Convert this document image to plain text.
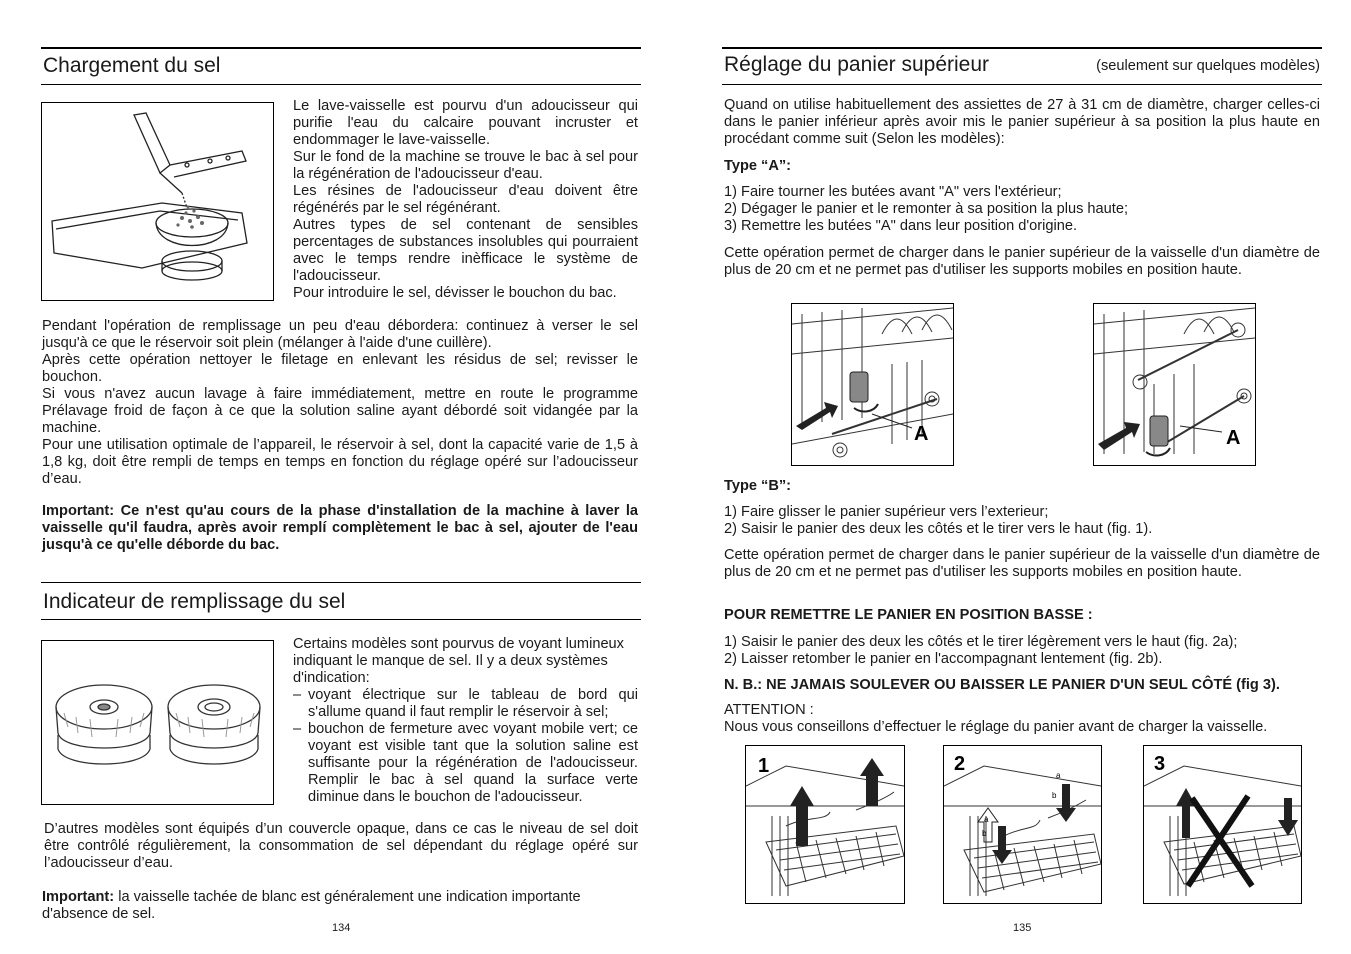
Chargement du sel

Le lave-vaisselle est pourvu d'un adoucisseur qui purifie l'eau du calcaire pouvant incruster et endommager le lave-vaisselle.

Sur le fond de la machine se trouve le bac à sel pour la régénération de l'adoucisseur d'eau.

Les résines de l'adoucisseur d'eau doivent être régénérés par le sel régénérant.

Autres types de sel contenant de sensibles percentages de substances insolubles qui pourraient avec le temps rendre inèfficace le système de l'adoucisseur.

Pour introduire le sel, dévisser le bouchon du bac.

Pendant l'opération de remplissage un peu d'eau débordera: continuez à verser le sel jusqu'à ce que le réservoir soit plein (mélanger à l'aide d'une cuillère).

Après cette opération nettoyer le filetage en enlevant les résidus de sel; revisser le bouchon.

Si vous n'avez aucun lavage à faire immédiatement, mettre en route le programme Prélavage froid de façon à ce que la solution saline ayant débordé soit vidangée par la machine.

Pour une utilisation optimale de l’appareil, le réservoir à sel, dont la capacité varie de 1,5 à 1,8 kg, doit être rempli de temps en temps en fonction du réglage opéré sur l’adoucisseur d’eau.

Important: Ce n'est qu'au cours de la phase d'installation de la machine à laver la vaisselle qu'il faudra, après avoir remplí complètement le bac à sel, ajouter de l'eau jusqu'à ce qu'elle déborde du bac.
Indicateur de remplissage du sel

Certains modèles sont pourvus de voyant lumineux indiquant le manque de sel. Il y a deux systèmes d'indication:

– voyant électrique sur le tableau de bord qui s'allume quand il faut remplir le réservoir à sel;
– bouchon de fermeture avec voyant mobile vert; ce voyant est visible tant que la solution saline est suffisante pour la régénération de l'adoucisseur. Remplir le bac à sel quand la surface verte diminue dans le bouchon de l'adoucisseur.
D’autres modèles sont équipés d’un couvercle opaque, dans ce cas le niveau de sel doit être contrôlé régulièrement, la consommation de sel dépendant du réglage opéré sur l’adoucisseur d’eau.
Important: la vaisselle tachée de blanc est généralement une indication importante d'absence de sel.
134
Réglage du panier supérieur	(seulement sur quelques modèles)
Quand on utilise habituellement des assiettes de 27 à 31 cm de diamètre, charger celles-ci dans le panier inférieur après avoir mis le panier supérieur à sa position la plus haute en procédant comme suit (Selon les modèles):
Type “A”:

1) Faire tourner les butées avant "A" vers l'extérieur;

2) Dégager le panier et le remonter à sa position la plus haute;

3) Remettre les butées "A" dans leur position d'origine.

Cette opération permet de charger dans le panier supérieur de la vaisselle d'un diamètre de plus de 20 cm et ne permet pas d'utiliser les supports mobiles en position haute.
A	A
Type “B”:

1) Faire glisser le panier supérieur vers l’exterieur;

2) Saisir le panier des deux les côtés et le tirer vers le haut (fig. 1).

Cette opération permet de charger dans le panier supérieur de la vaisselle d'un diamètre de plus de 20 cm et ne permet pas d'utiliser les supports mobiles en position haute.
POUR REMETTRE LE PANIER EN POSITION BASSE :

1) Saisir le panier des deux les côtés et le tirer légèrement vers le haut (fig. 2a);

2) Laisser retomber le panier en l'accompagnant lentement (fig. 2b).

N. B.: NE JAMAIS SOULEVER OU BAISSER LE PANIER D'UN SEUL CÔTÉ (fig 3).

ATTENTION :

Nous vous conseillons d’effectuer le réglage du panier avant de charger la vaisselle.

1	a
b
a
b
2	3
135
